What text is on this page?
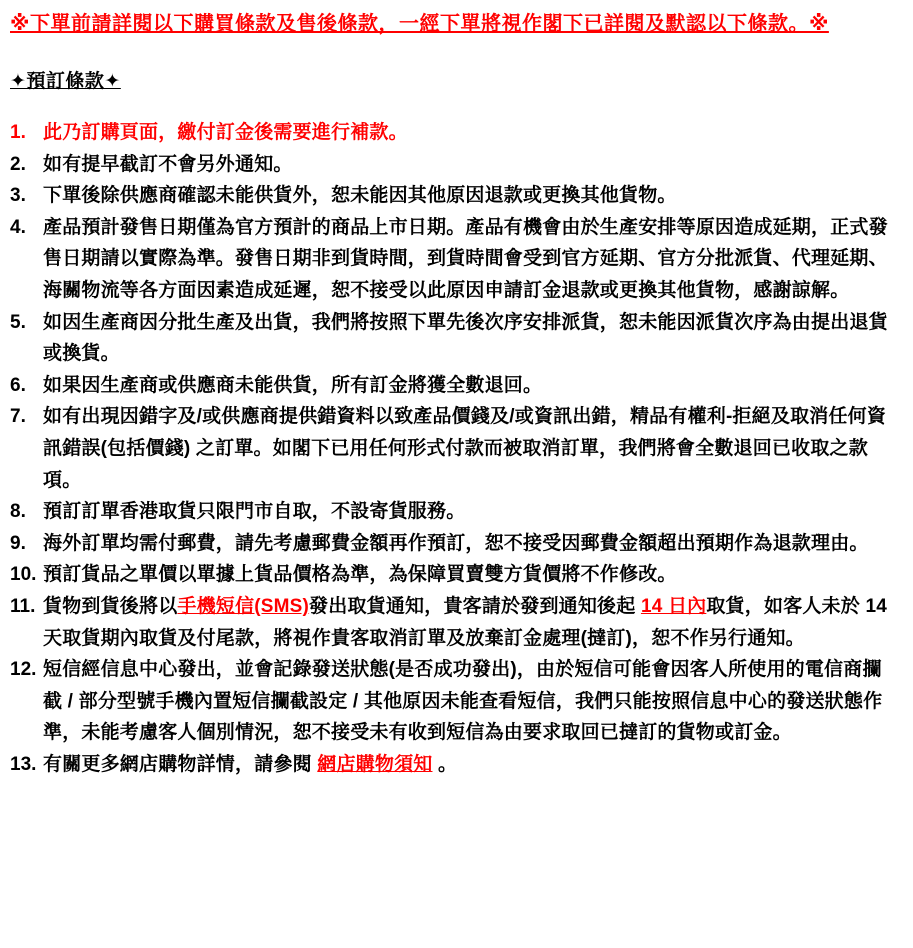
※下單前請詳閱以下購買條款及售後條款，一經下單將視作閣下已詳閱及默認以下條款。※
✦預訂條款✦
1. 此乃訂購頁面，繳付訂金後需要進行補款。
2. 如有提早截訂不會另外通知。
3. 下單後除供應商確認未能供貨外，恕未能因其他原因退款或更換其他貨物。
4. 產品預計發售日期僅為官方預計的商品上市日期。產品有機會由於生產安排等原因造成延期，正式發售日期請以實際為準。發售日期非到貨時間，到貨時間會受到官方延期、官方分批派貨、代理延期、海關物流等各方面因素造成延遲，恕不接受以此原因申請訂金退款或更換其他貨物，感謝諒解。
5. 如因生產商因分批生產及出貨，我們將按照下單先後次序安排派貨，恕未能因派貨次序為由提出退貨或換貨。
6. 如果因生產商或供應商未能供貨，所有訂金將獲全數退回。
7. 如有出現因錯字及/或供應商提供錯資料以致產品價錢及/或資訊出錯，精品有權利-拒絕及取消任何資訊錯誤(包括價錢) 之訂單。如閣下已用任何形式付款而被取消訂單，我們將會全數退回已收取之款項。
8. 預訂訂單香港取貨只限門市自取，不設寄貨服務。
9. 海外訂單均需付郵費，請先考慮郵費金額再作預訂，恕不接受因郵費金額超出預期作為退款理由。
10. 預訂貨品之單價以單據上貨品價格為準，為保障買賣雙方貨價將不作修改。
11. 貨物到貨後將以手機短信(SMS)發出取貨通知，貴客請於發到通知後起 14 日內取貨，如客人未於 14 天取貨期內取貨及付尾款，將視作貴客取消訂單及放棄訂金處理(撻訂)，恕不作另行通知。
12. 短信經信息中心發出，並會記錄發送狀態(是否成功發出)，由於短信可能會因客人所使用的電信商攔截 / 部分型號手機內置短信攔截設定 / 其他原因未能查看短信，我們只能按照信息中心的發送狀態作準，未能考慮客人個別情況，恕不接受未有收到短信為由要求取回已撻訂的貨物或訂金。
13. 有關更多網店購物詳情，請參閱 網店購物須知 。
